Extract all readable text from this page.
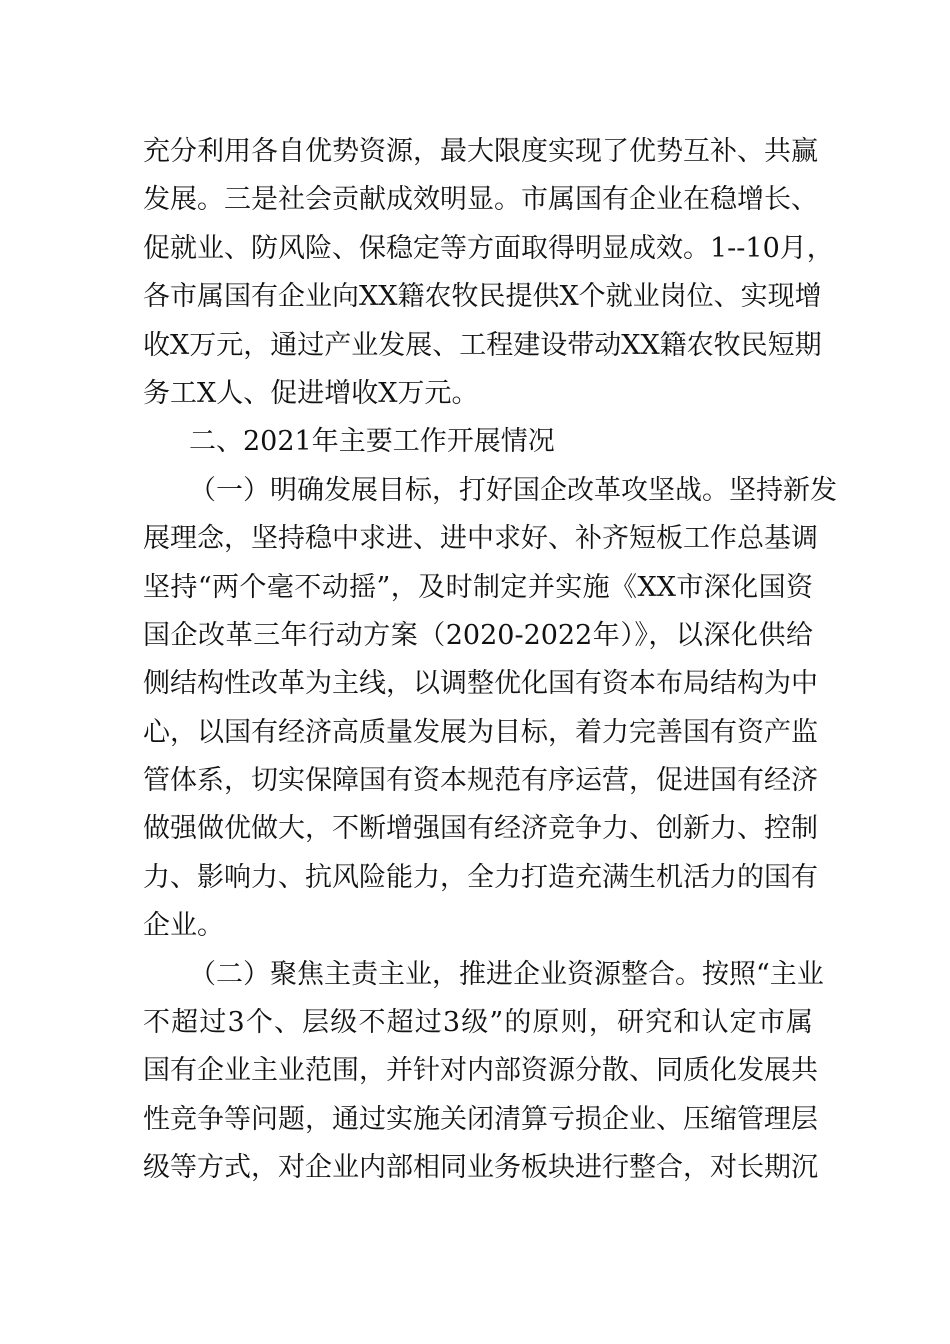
充分利用各自优势资源，最大限度实现了优势互补、共赢
发展。三是社会贡献成效明显。市属国有企业在稳增长、
促就业、防风险、保稳定等方面取得明显成效。1--10月，
各市属国有企业向XX籍农牧民提供X个就业岗位、实现增
收X万元，通过产业发展、工程建设带动XX籍农牧民短期
务工X人、促进增收X万元。
二、2021年主要工作开展情况
（一）明确发展目标，打好国企改革攻坚战。坚持新发
展理念，坚持稳中求进、进中求好、补齐短板工作总基调
坚持“两个毫不动摇”，及时制定并实施《XX市深化国资
国企改革三年行动方案（2020-2022年）》，以深化供给
侧结构性改革为主线，以调整优化国有资本布局结构为中
心，以国有经济高质量发展为目标，着力完善国有资产监
管体系，切实保障国有资本规范有序运营，促进国有经济
做强做优做大，不断增强国有经济竞争力、创新力、控制
力、影响力、抗风险能力，全力打造充满生机活力的国有
企业。
（二）聚焦主责主业，推进企业资源整合。按照“主业
不超过3个、层级不超过3级”的原则，研究和认定市属
国有企业主业范围，并针对内部资源分散、同质化发展共
性竞争等问题，通过实施关闭清算亏损企业、压缩管理层
级等方式，对企业内部相同业务板块进行整合，对长期沉
